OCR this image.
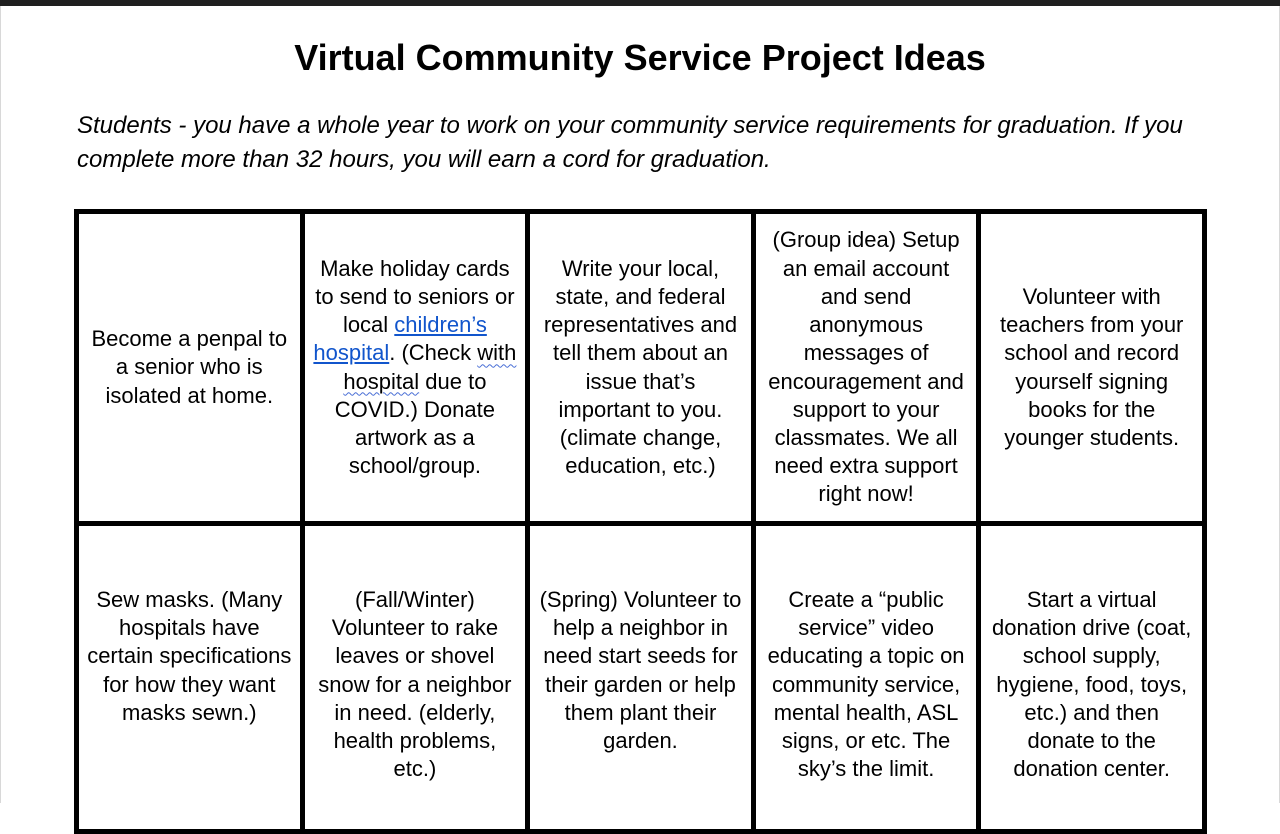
Virtual Community Service Project Ideas
Students - you have a whole year to work on your community service requirements for graduation. If you complete more than 32 hours, you will earn a cord for graduation.
Become a penpal to a senior who is isolated at home.	Make holiday cards to send to seniors or local children’s hospital. (Check with hospital due to COVID.) Donate artwork as a school/group.	Write your local, state, and federal representatives and tell them about an issue that’s important to you. (climate change, education, etc.)	(Group idea) Setup an email account and send anonymous messages of encouragement and support to your classmates. We all need extra support right now!	Volunteer with teachers from your school and record yourself signing books for the younger students.
Sew masks. (Many hospitals have certain specifications for how they want masks sewn.)	(Fall/Winter) Volunteer to rake leaves or shovel snow for a neighbor in need. (elderly, health problems, etc.)	(Spring) Volunteer to help a neighbor in need start seeds for their garden or help them plant their garden.	Create a “public service” video educating a topic on community service, mental health, ASL signs, or etc. The sky’s the limit.	Start a virtual donation drive (coat, school supply, hygiene, food, toys, etc.) and then donate to the donation center.
